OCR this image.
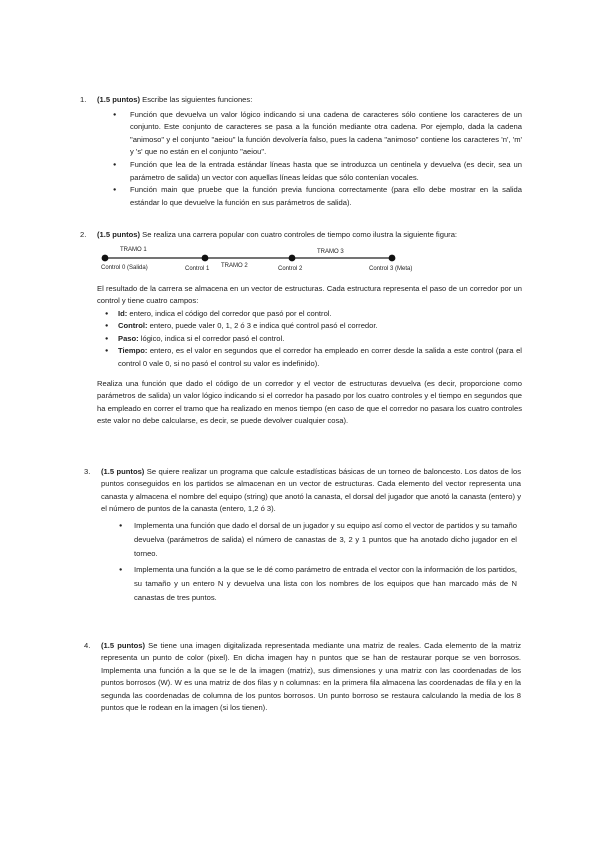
1. (1.5 puntos) Escribe las siguientes funciones:
● Función que devuelva un valor lógico indicando si una cadena de caracteres sólo contiene los caracteres de un conjunto. Este conjunto de caracteres se pasa a la función mediante otra cadena. Por ejemplo, dada la cadena "animoso" y el conjunto "aeiou" la función devolvería falso, pues la cadena "animoso" contiene los caracteres 'n', 'm' y 's' que no están en el conjunto "aeiou".
● Función que lea de la entrada estándar líneas hasta que se introduzca un centinela y devuelva (es decir, sea un parámetro de salida) un vector con aquellas líneas leídas que sólo contenían vocales.
● Función main que pruebe que la función previa funciona correctamente (para ello debe mostrar en la salida estándar lo que devuelve la función en sus parámetros de salida).
2. (1.5 puntos) Se realiza una carrera popular con cuatro controles de tiempo como ilustra la siguiente figura:
TRAMO 1
TRAMO 2
TRAMO 3
Control 0 (Salida)	Control 1	Control 2	Control 3 (Meta)
El resultado de la carrera se almacena en un vector de estructuras. Cada estructura representa el paso de un corredor por un control y tiene cuatro campos:
● Id: entero, indica el código del corredor que pasó por el control.
● Control: entero, puede valer 0, 1, 2 ó 3 e indica qué control pasó el corredor.
● Paso: lógico, indica si el corredor pasó el control.
● Tiempo: entero, es el valor en segundos que el corredor ha empleado en correr desde la salida a este control (para el control 0 vale 0, si no pasó el control su valor es indefinido).
Realiza una función que dado el código de un corredor y el vector de estructuras devuelva (es decir, proporcione como parámetros de salida) un valor lógico indicando si el corredor ha pasado por los cuatro controles y el tiempo en segundos que ha empleado en correr el tramo que ha realizado en menos tiempo (en caso de que el corredor no pasara los cuatro controles este valor no debe calcularse, es decir, se puede devolver cualquier cosa).
3. (1.5 puntos) Se quiere realizar un programa que calcule estadísticas básicas de un torneo de baloncesto. Los datos de los puntos conseguidos en los partidos se almacenan en un vector de estructuras. Cada elemento del vector representa una canasta y almacena el nombre del equipo (string) que anotó la canasta, el dorsal del jugador que anotó la canasta (entero) y el número de puntos de la canasta (entero, 1,2 ó 3).
● Implementa una función que dado el dorsal de un jugador y su equipo así como el vector de partidos y su tamaño devuelva (parámetros de salida) el número de canastas de 3, 2 y 1 puntos que ha anotado dicho jugador en el torneo.
● Implementa una función a la que se le dé como parámetro de entrada el vector con la información de los partidos, su tamaño y un entero N y devuelva una lista con los nombres de los equipos que han marcado más de N canastas de tres puntos.
4. (1.5 puntos) Se tiene una imagen digitalizada representada mediante una matriz de reales. Cada elemento de la matriz representa un punto de color (pixel). En dicha imagen hay n puntos que se han de restaurar porque se ven borrosos. Implementa una función a la que se le de la imagen (matriz), sus dimensiones y una matriz con las coordenadas de los puntos borrosos (W). W es una matriz de dos filas y n columnas: en la primera fila almacena las coordenadas de fila y en la segunda las coordenadas de columna de los puntos borrosos. Un punto borroso se restaura calculando la media de los 8 puntos que le rodean en la imagen (si los tienen).
